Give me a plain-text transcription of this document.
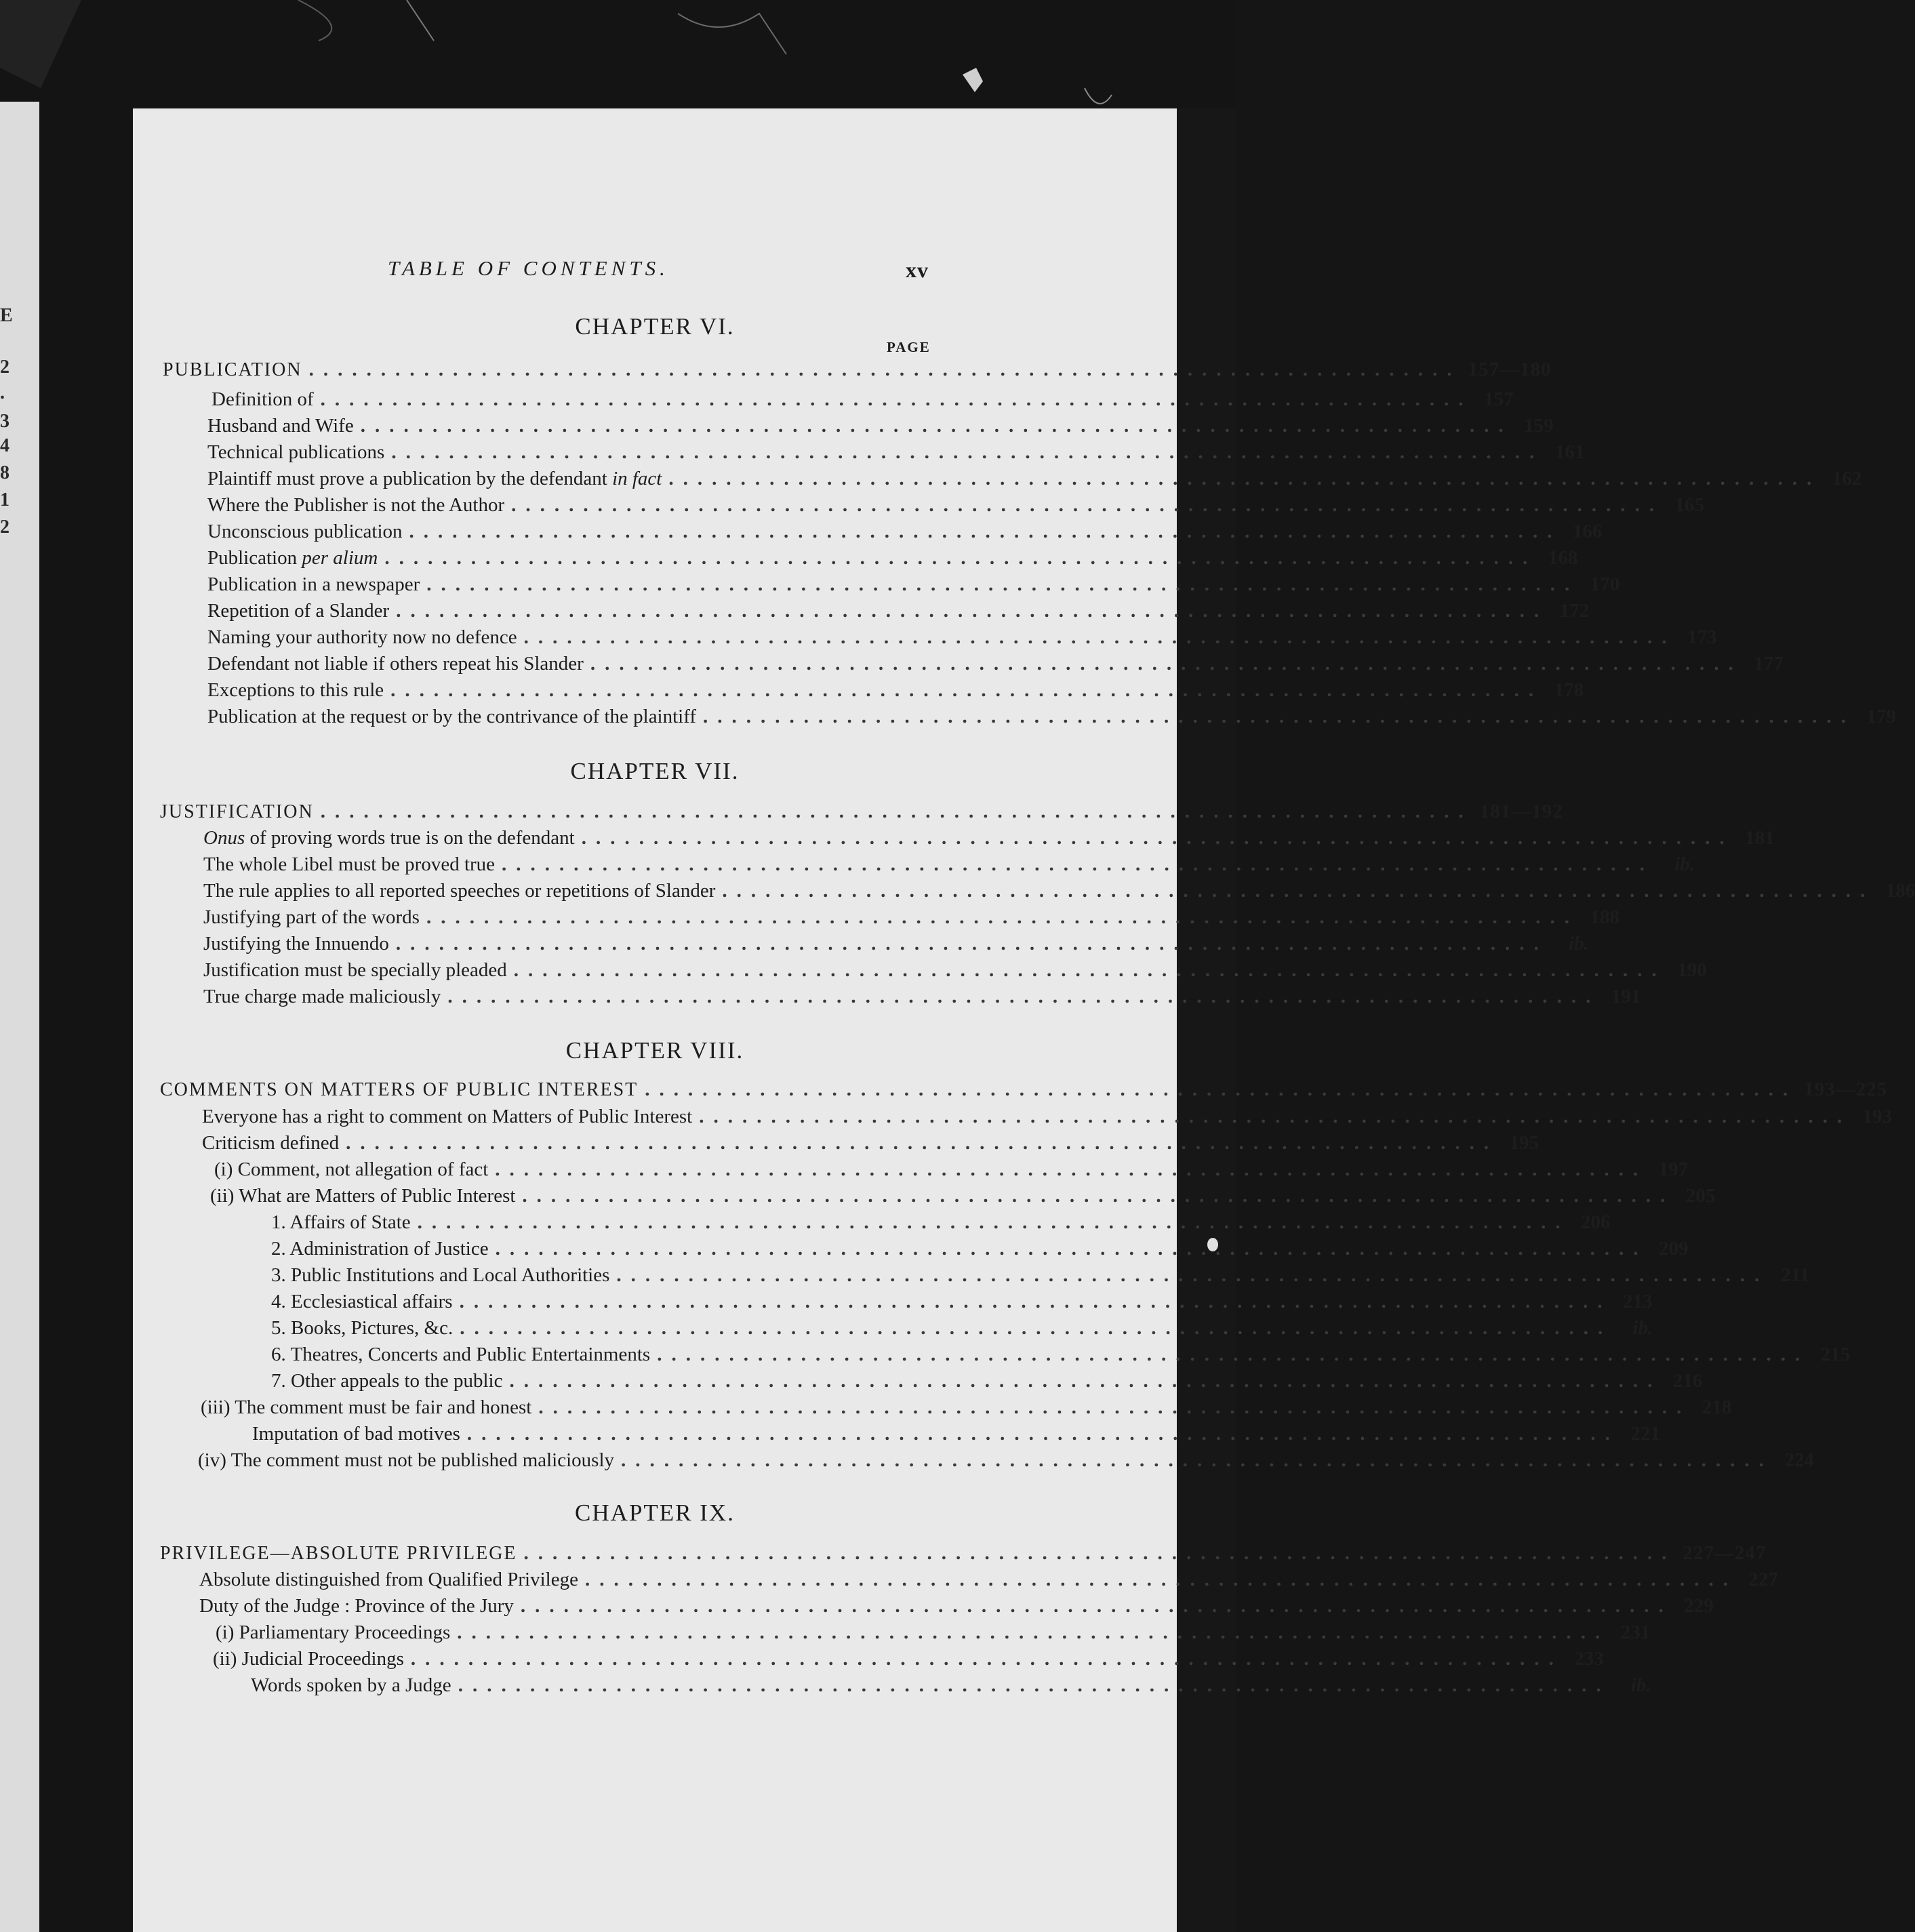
E
2
.
3
4
8
1
2
TABLE OF CONTENTS.	xv
PAGE
CHAPTER VI.
PUBLICATION ................................................................................ 157—180
Definition of ................................................................................ 157
Husband and Wife ................................................................................ 159
Technical publications ................................................................................ 161
Plaintiff must prove a publication by the defendant in fact ................................................................................ 162
Where the Publisher is not the Author ................................................................................ 165
Unconscious publication ................................................................................ 166
Publication per alium ................................................................................ 168
Publication in a newspaper ................................................................................ 170
Repetition of a Slander ................................................................................ 172
Naming your authority now no defence ................................................................................ 173
Defendant not liable if others repeat his Slander ................................................................................ 177
Exceptions to this rule ................................................................................ 178
Publication at the request or by the contrivance of the plaintiff ................................................................................ 179
CHAPTER VII.
JUSTIFICATION ................................................................................ 181—192
Onus of proving words true is on the defendant ................................................................................ 181
The whole Libel must be proved true ................................................................................	ib.
The rule applies to all reported speeches or repetitions of Slander ................................................................................ 186
Justifying part of the words ................................................................................ 188
Justifying the Innuendo ................................................................................	ib.
Justification must be specially pleaded ................................................................................ 190
True charge made maliciously ................................................................................ 191
CHAPTER VIII.
COMMENTS ON MATTERS OF PUBLIC INTEREST ................................................................................ 193—225
Everyone has a right to comment on Matters of Public Interest ................................................................................ 193
Criticism defined ................................................................................ 195
(i) Comment, not allegation of fact ................................................................................ 197
(ii) What are Matters of Public Interest ................................................................................ 205
1. Affairs of State ................................................................................ 206
2. Administration of Justice ................................................................................ 209
3. Public Institutions and Local Authorities ................................................................................ 211
4. Ecclesiastical affairs ................................................................................ 213
5. Books, Pictures, &c. ................................................................................	ib.
6. Theatres, Concerts and Public Entertainments ................................................................................ 215
7. Other appeals to the public ................................................................................ 216
(iii) The comment must be fair and honest ................................................................................ 218
Imputation of bad motives ................................................................................ 221
(iv) The comment must not be published maliciously ................................................................................ 224
CHAPTER IX.
PRIVILEGE—ABSOLUTE PRIVILEGE ................................................................................ 227—247
Absolute distinguished from Qualified Privilege ................................................................................ 227
Duty of the Judge : Province of the Jury ................................................................................ 229
(i) Parliamentary Proceedings ................................................................................ 231
(ii) Judicial Proceedings ................................................................................ 233
Words spoken by a Judge ................................................................................	ib.
